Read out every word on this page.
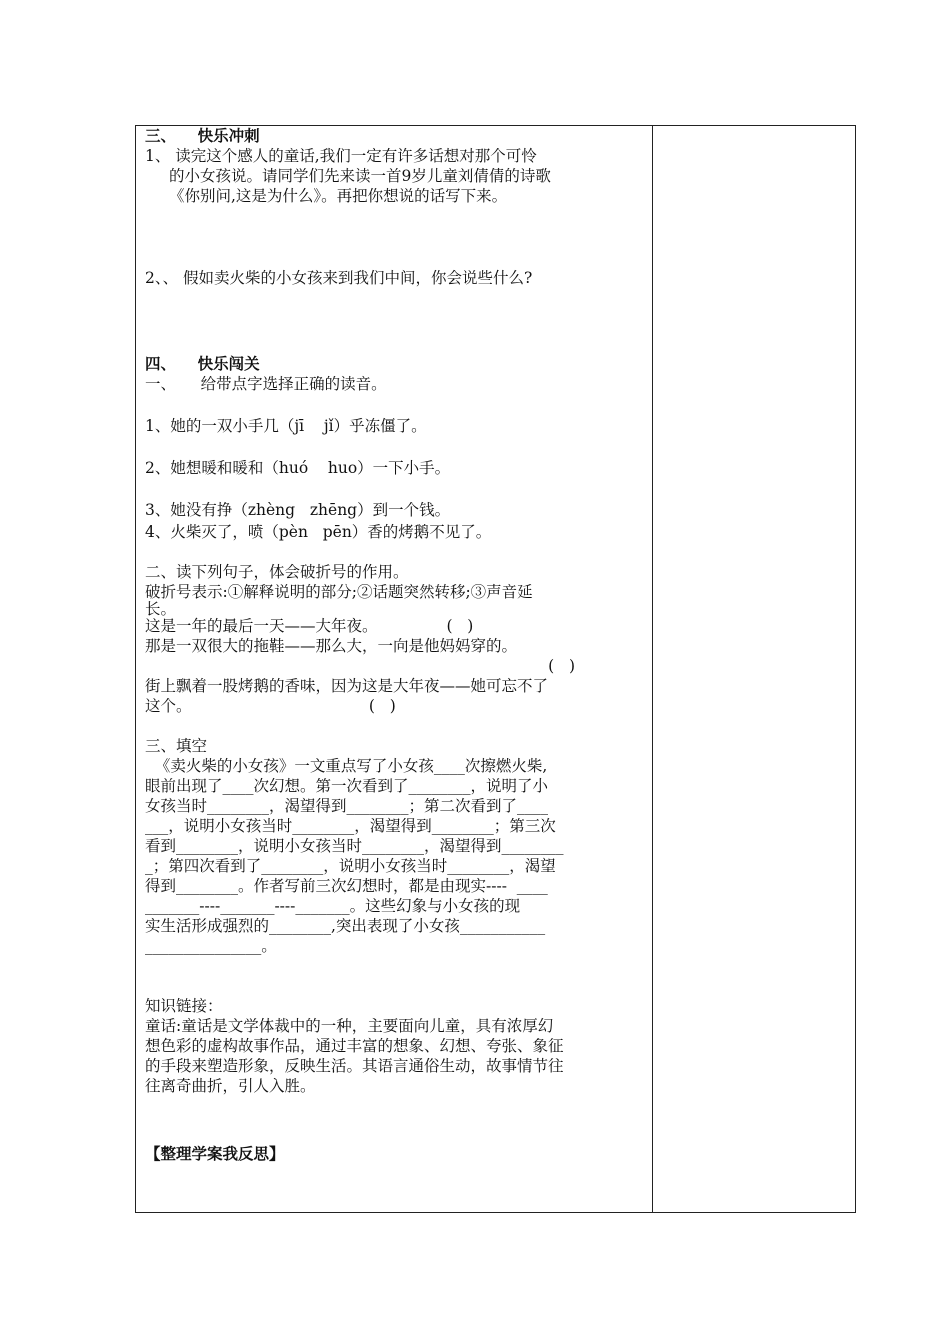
三、    快乐冲刺
1、 读完这个感人的童话,我们一定有许多话想对那个可怜
的小女孩说。请同学们先来读一首9岁儿童刘倩倩的诗歌
《你别问,这是为什么》。再把你想说的话写下来。
2、、 假如卖火柴的小女孩来到我们中间，你会说些什么?
四、    快乐闯关
一、     给带点字选择正确的读音。
1、她的一双小手几（jī    jǐ）乎冻僵了。
2、她想暖和暖和（huó    huo）一下小手。
3、她没有挣（zhèng   zhēng）到一个钱。
4、火柴灭了，喷（pèn   pēn）香的烤鹅不见了。
二、读下列句子，体会破折号的作用。
破折号表示:①解释说明的部分;②话题突然转移;③声音延
长。
这是一年的最后一天——大年夜。              (   )
那是一双很大的拖鞋——那么大，一向是他妈妈穿的。
(   )
街上飘着一股烤鹅的香味，因为这是大年夜——她可忘不了
这个。                                    (   )
三、填空
《卖火柴的小女孩》一文重点写了小女孩____次擦燃火柴,
眼前出现了____次幻想。第一次看到了________，说明了小
女孩当时________，渴望得到________；第二次看到了____
___，说明小女孩当时________，渴望得到________；第三次
看到________，说明小女孩当时________，渴望得到________
_；第四次看到了________，说明小女孩当时________，渴望
得到________。作者写前三次幻想时，都是由现实----  ____
_______----_______----_______。这些幻象与小女孩的现
实生活形成强烈的________,突出表现了小女孩___________
_______________。
知识链接：
童话:童话是文学体裁中的一种，主要面向儿童，具有浓厚幻
想色彩的虚构故事作品，通过丰富的想象、幻想、夸张、象征
的手段来塑造形象，反映生活。其语言通俗生动，故事情节往
往离奇曲折，引人入胜。
【整理学案我反思】
